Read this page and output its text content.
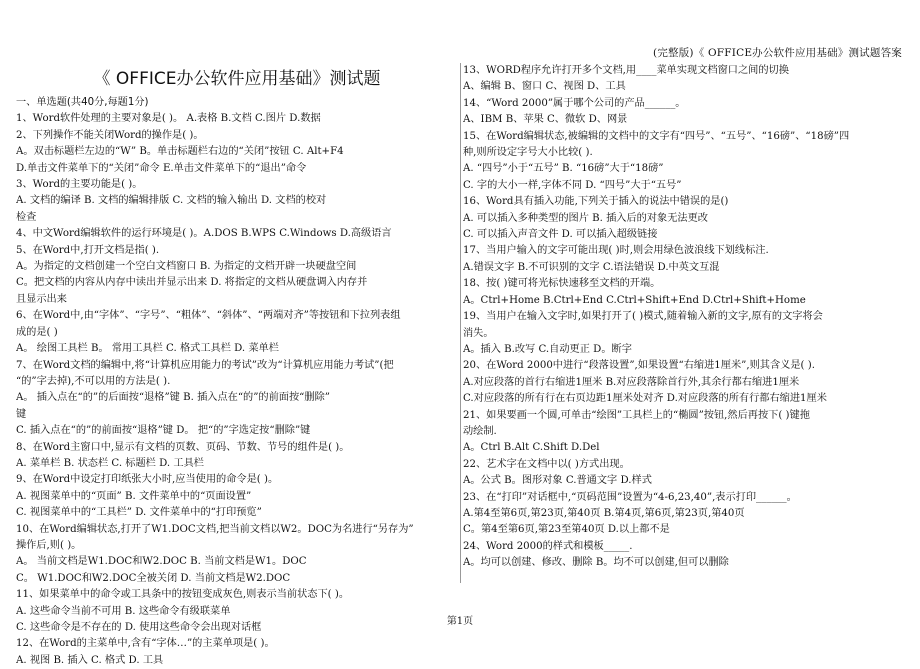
(完整版)《 OFFICE办公软件应用基础》测试题答案
《 OFFICE办公软件应用基础》测试题
一、单选题(共40分,每题1分)
1、Word软件处理的主要对象是( )。 A.表格 B.文档 C.图片 D.数据
2、下列操作不能关闭Word的操作是( )。
A。双击标题栏左边的“W” B。单击标题栏右边的“关闭”按钮 C. Alt+F4
D.单击文件菜单下的“关闭”命令 E.单击文件菜单下的“退出”命令
3、Word的主要功能是( )。
A. 文档的编译 B. 文档的编辑排版 C. 文档的输入输出 D. 文档的校对
检查
4、中文Word编辑软件的运行环境是( )。A.DOS B.WPS C.Windows D.高级语言
5、在Word中,打开文档是指( ).
A。为指定的文档创建一个空白文档窗口 B. 为指定的文档开辟一块硬盘空间
C。把文档的内容从内存中读出并显示出来 D. 将指定的文档从硬盘调入内存并
且显示出来
6、在Word中,由“字体”、“字号”、“粗体”、“斜体”、“两端对齐”等按钮和下拉列表组
成的是( )
A。 绘图工具栏 B。 常用工具栏 C. 格式工具栏 D. 菜单栏
7、在Word文档的编辑中,将“计算机应用能力的考试”改为“计算机应用能力考试”(把
“的”字去掉),不可以用的方法是( ).
A。 插入点在“的”的后面按“退格”键 B. 插入点在“的”的前面按“删除”
键
C. 插入点在“的”的前面按“退格”键 D。 把“的”字选定按“删除”键
8、在Word主窗口中,显示有文档的页数、页码、节数、节号的组件是( )。
A. 菜单栏 B. 状态栏 C. 标题栏 D. 工具栏
9、在Word中设定打印纸张大小时,应当使用的命令是( )。
A. 视图菜单中的“页面” B. 文件菜单中的“页面设置”
C. 视图菜单中的“工具栏” D. 文件菜单中的“打印预览”
10、在Word编辑状态,打开了W1.DOC文档,把当前文档以W2。DOC为名进行“另存为”
操作后,则( )。
A。 当前文档是W1.DOC和W2.DOC B. 当前文档是W1。DOC
C。 W1.DOC和W2.DOC全被关闭 D. 当前文档是W2.DOC
11、如果菜单中的命令或工具条中的按钮变成灰色,则表示当前状态下( )。
A. 这些命令当前不可用 B. 这些命令有级联菜单
C. 这些命令是不存在的 D. 使用这些命令会出现对话框
12、在Word的主菜单中,含有“字体…”的主菜单项是( )。
A. 视图 B. 插入 C. 格式 D. 工具
13、WORD程序允许打开多个文档,用____菜单实现文档窗口之间的切换
A、编辑 B、窗口 C、视图 D、工具
14、“Word 2000”属于哪个公司的产品______。
A、IBM B、苹果 C、微软 D、网景
15、在Word编辑状态,被编辑的文档中的文字有“四号”、“五号”、“16磅”、“18磅”四
种,则所设定字号大小比较( ).
A. “四号”小于“五号” B. “16磅”大于“18磅”
C. 字的大小一样,字体不同 D. “四号”大于“五号”
16、Word具有插入功能,下列关于插入的说法中错误的是()
A. 可以插入多种类型的图片 B. 插入后的对象无法更改
C. 可以插入声音文件 D. 可以插入超级链接
17、当用户输入的文字可能出现( )时,则会用绿色波浪线下划线标注.
A.错误文字 B.不可识别的文字 C.语法错误 D.中英文互混
18、按( )键可将光标快速移至文档的开端。
A。Ctrl+Home B.Ctrl+End C.Ctrl+Shift+End D.Ctrl+Shift+Home
19、当用户在输入文字时,如果打开了( )模式,随着输入新的文字,原有的文字将会
消失。
A。插入 B.改写 C.自动更正 D。断字
20、在Word 2000中进行“段落设置”,如果设置“右缩进1厘米”,则其含义是( ).
A.对应段落的首行右缩进1厘米 B.对应段落除首行外,其余行都右缩进1厘米
C.对应段落的所有行在右页边距1厘米处对齐 D.对应段落的所有行都右缩进1厘米
21、如果要画一个圆,可单击“绘图”工具栏上的“椭圆”按钮,然后再按下( )键拖
动绘制.
A。Ctrl B.Alt C.Shift D.Del
22、艺术字在文档中以( )方式出现。
A。公式 B。图形对象 C.普通文字 D.样式
23、在“打印”对话框中,“页码范围”设置为“4-6,23,40”,表示打印______。
A.第4至第6页,第23页,第40页 B.第4页,第6页,第23页,第40页
C。第4至第6页,第23至第40页 D.以上都不是
24、Word 2000的样式和模板_____.
A。均可以创建、修改、删除 B。均不可以创建,但可以删除
第1页
